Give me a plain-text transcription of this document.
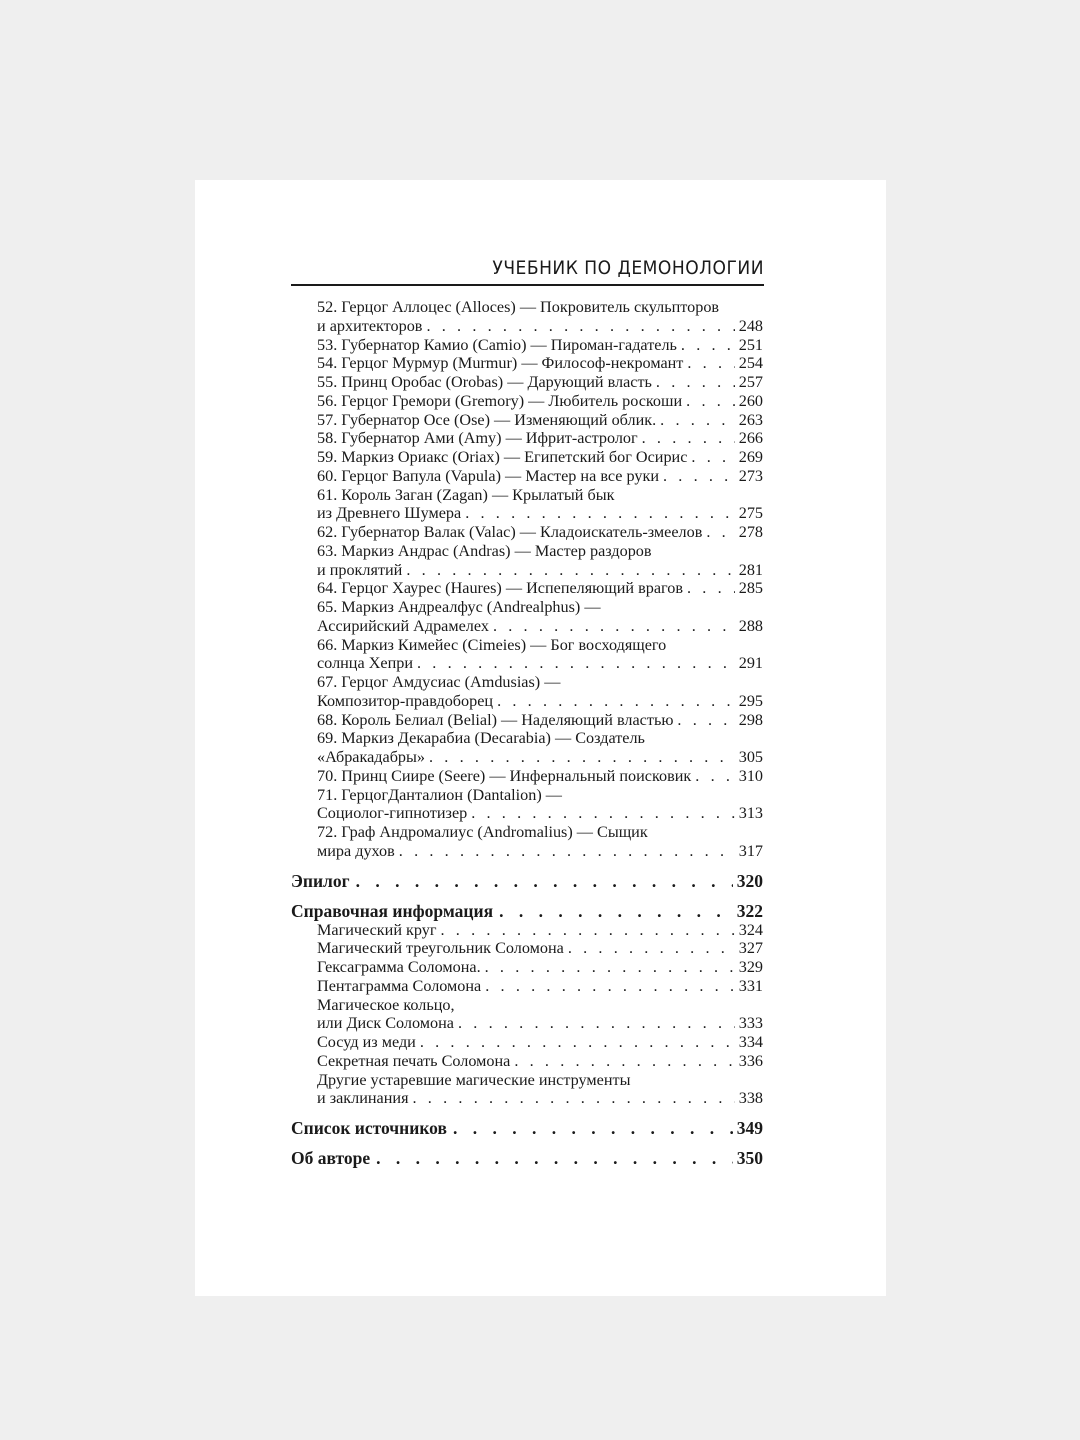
УЧЕБНИК ПО ДЕМОНОЛОГИИ
52. Герцог Аллоцес (Alloces) — Покровитель скульпторов
и архитекторов . . .	248
53. Губернатор Камио (Camio) — Пироман-гадатель . . .	251
54. Герцог Мурмур (Murmur) — Философ-некромант . . .	254
55. Принц Оробас (Orobas) — Дарующий власть . . .	257
56. Герцог Гремори (Gremory) — Любитель роскоши . . .	260
57. Губернатор Осе (Ose) — Изменяющий облик. . . .	263
58. Губернатор Ами (Amy) — Ифрит-астролог . . .	266
59. Маркиз Ориакс (Oriax) — Египетский бог Осирис . . .	269
60. Герцог Вапула (Vapula) — Мастер на все руки . . .	273
61. Король Заган (Zagan) — Крылатый бык
из Древнего Шумера . . .	275
62. Губернатор Валак (Valac) — Кладоискатель-змеелов . . . 278
63. Маркиз Андрас (Andras) — Мастер раздоров
и проклятий . . .	281
64. Герцог Хаурес (Haures) — Испепеляющий врагов . . .	285
65. Маркиз Андреалфус (Andrealphus) —
Ассирийский Адрамелех . . .	288
66. Маркиз Кимейес (Cimeies) — Бог восходящего
солнца Хепри . . .	291
67. Герцог Амдусиас (Amdusias) —
Композитор-правдоборец . . .	295
68. Король Белиал (Belial) — Наделяющий властью . . .	298
69. Маркиз Декарабиа (Decarabia) — Создатель
«Абракадабры» . . .	305
70. Принц Сиире (Seere) — Инфернальный поисковик . . .	310
71. ГерцогДанталион (Dantalion) —
Социолог-гипнотизер . . .	313
72. Граф Андромалиус (Andromalius) — Сыщик
мира духов . . .	317
Эпилог . . .	320
Справочная информация . . .	322
Магический круг . . .	324
Магический треугольник Соломона . . .	327
Гексаграмма Соломона. . . .	329
Пентаграмма Соломона . . .	331
Магическое кольцо,
или Диск Соломона . . .	333
Сосуд из меди . . .	334
Секретная печать Соломона . . .	336
Другие устаревшие магические инструменты
и заклинания . . .	338
Список источников . . .	349
Об авторе . . .	350
